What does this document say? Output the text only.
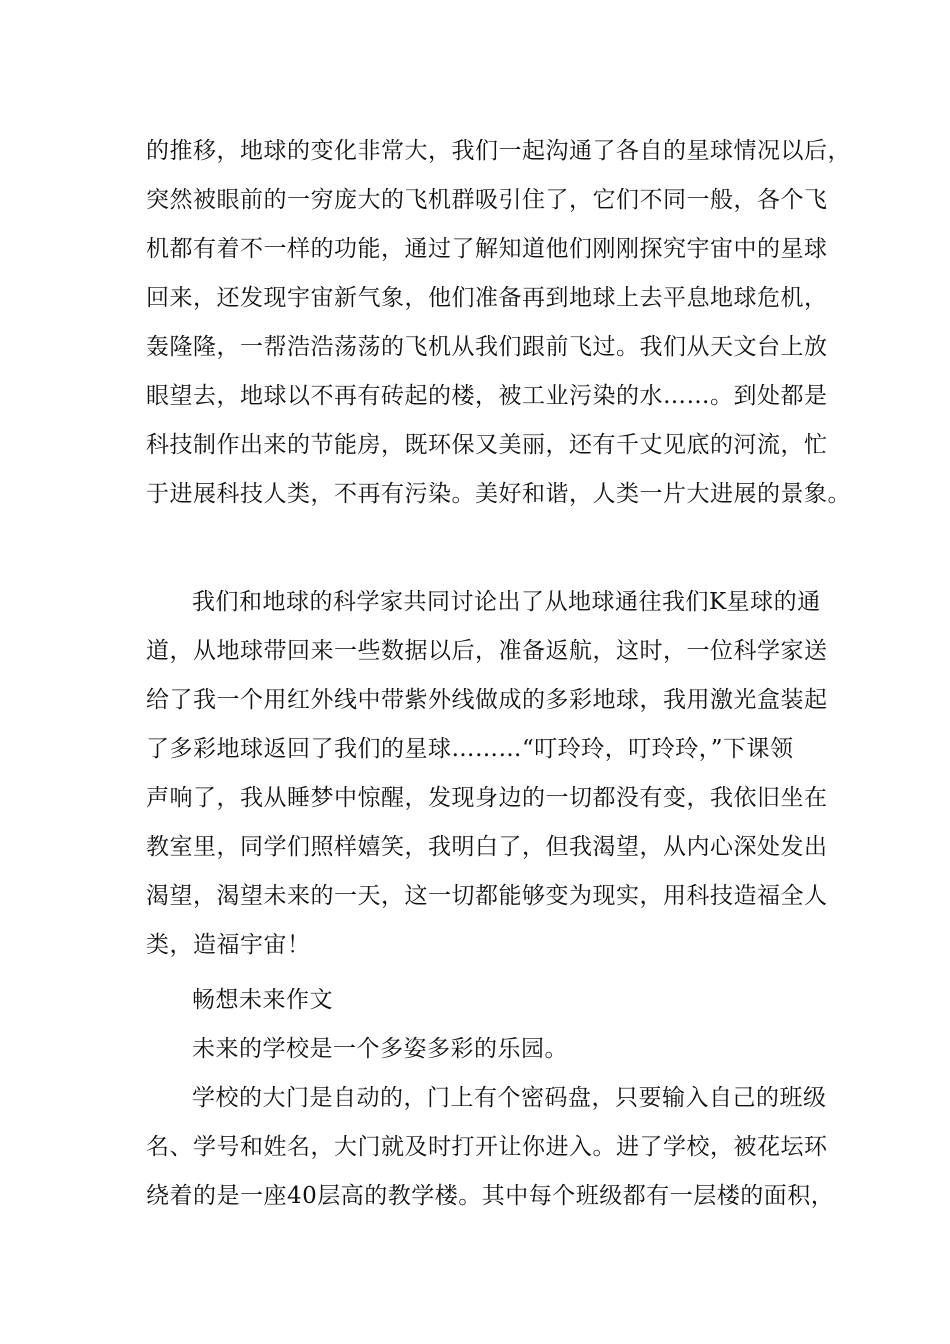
的推移，地球的变化非常大，我们一起沟通了各自的星球情况以后，
突然被眼前的一穷庞大的飞机群吸引住了，它们不同一般，各个飞
机都有着不一样的功能，通过了解知道他们刚刚探究宇宙中的星球
回来，还发现宇宙新气象，他们准备再到地球上去平息地球危机，
轰隆隆，一帮浩浩荡荡的飞机从我们跟前飞过。我们从天文台上放
眼望去，地球以不再有砖起的楼，被工业污染的水……。到处都是
科技制作出来的节能房，既环保又美丽，还有千丈见底的河流，忙
于进展科技人类，不再有污染。美好和谐，人类一片大进展的景象。
我们和地球的科学家共同讨论出了从地球通往我们K星球的通
道，从地球带回来一些数据以后，准备返航，这时，一位科学家送
给了我一个用红外线中带紫外线做成的多彩地球，我用激光盒装起
了多彩地球返回了我们的星球………“叮玲玲，叮玲玲，”下课领
声响了，我从睡梦中惊醒，发现身边的一切都没有变，我依旧坐在
教室里，同学们照样嬉笑，我明白了，但我渴望，从内心深处发出
渴望，渴望未来的一天，这一切都能够变为现实，用科技造福全人
类，造福宇宙！
畅想未来作文
未来的学校是一个多姿多彩的乐园。
学校的大门是自动的，门上有个密码盘，只要输入自己的班级
名、学号和姓名，大门就及时打开让你进入。进了学校，被花坛环
绕着的是一座40层高的教学楼。其中每个班级都有一层楼的面积，
